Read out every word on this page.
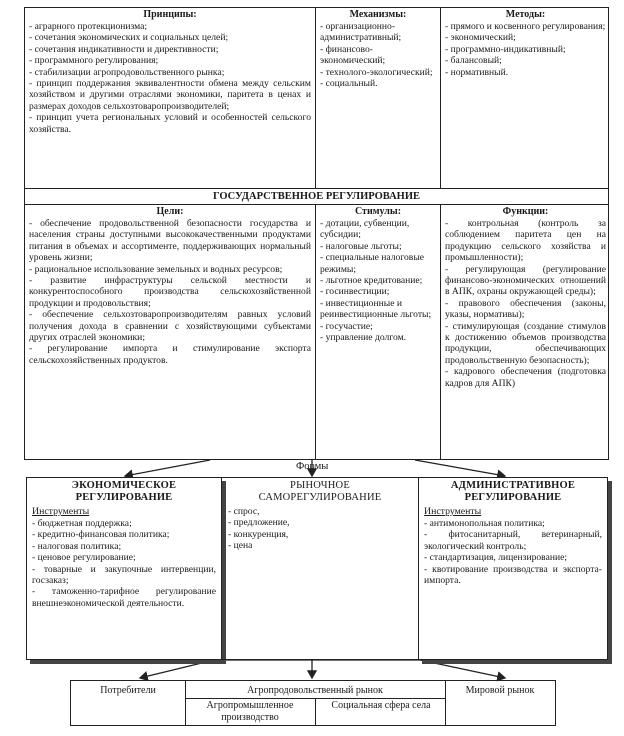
Принципы:

- аграрного протекционизма;

- сочетания экономических и социальных целей;

- сочетания индикативности и директивности;

- программного регулирования;

- стабилизации агропродовольственного рынка;

- принцип поддержания эквивалентности обмена между сельским хозяйством и другими отраслями экономики, паритета в ценах и размерах доходов сельхозтоваропроизводителей;

- принцип учета региональных условий и особенностей сельского хозяйства.

Механизмы:

- организационно-административный;

- финансово-экономический;

- технолого-экологический;

- социальный.

Методы:

- прямого и косвенного регулирования;

- экономический;

- программно-индикативный;

- балансовый;

- нормативный.

ГОСУДАРСТВЕННОЕ РЕГУЛИРОВАНИЕ
Цели:

- обеспечение продовольственной безопасности государства и населения страны доступными высококачественными продуктами питания в объемах и ассортименте, поддерживающих нормальный уровень жизни;

- рациональное использование земельных и водных ресурсов;

- развитие инфраструктуры сельской местности и конкурентоспособного производства сельскохозяйственной продукции и продовольствия;

- обеспечение сельхозтоваропроизводителям равных условий получения дохода в сравнении с хозяйствующими субъектами других отраслей экономики;

- регулирование импорта и стимулирование экспорта сельскохозяйственных продуктов.

Стимулы:

- дотации, субвенции, субсидии;

- налоговые льготы;

- специальные налоговые режимы;

- льготное кредитование;

- госинвестиции;

- инвестиционные и реинвестиционные льготы;

- госучастие;

- управление долгом.

Функции:

- контрольная (контроль за соблюдением паритета цен на продукцию сельского хозяйства и промышленности);

- регулирующая (регулирование финансово-экономических отношений в АПК, охраны окружающей среды);

- правового обеспечения (законы, указы, нормативы);

- стимулирующая (создание стимулов к достижению объемов производства продукции, обеспечивающих продовольственную безопасность);

- кадрового обеспечения (подготовка кадров для АПК)

Формы
ЭКОНОМИЧЕСКОЕ РЕГУЛИРОВАНИЕ
Инструменты

- бюджетная поддержка;

- кредитно-финансовая политика;

- налоговая политика;

- ценовое регулирование;

- товарные и закупочные интервенции, госзаказ;

- таможенно-тарифное регулирование внешнеэкономической деятельности.

РЫНОЧНОЕ САМОРЕГУЛИРОВАНИЕ

- спрос,

- предложение,

- конкуренция,

- цена

АДМИНИСТРАТИВНОЕ РЕГУЛИРОВАНИЕ
Инструменты

- антимонопольная политика;

- фитосанитарный, ветеринарный, экологический контроль;

- стандартизация, лицензирование;

- квотирование производства и экспорта-импорта.

Потребители	Агропродовольственный рынок	Мировой рынок
Агропромышленное производство
Социальная сфера села
